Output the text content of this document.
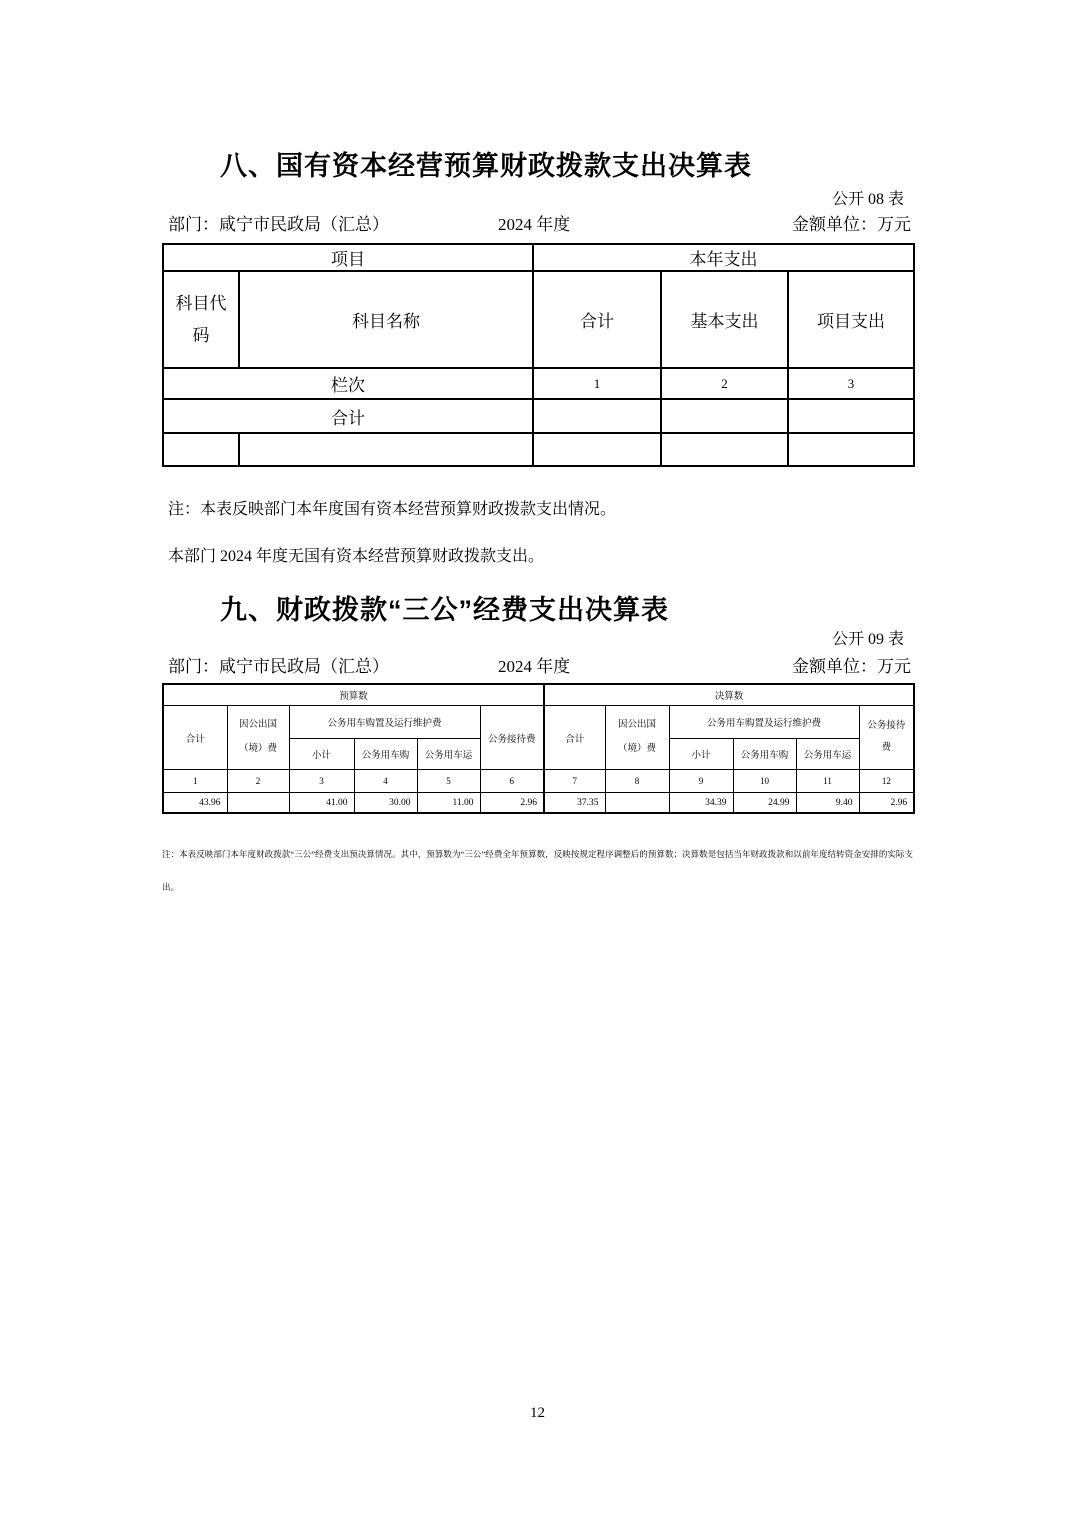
八、国有资本经营预算财政拨款支出决算表
公开 08 表
部门：咸宁市民政局（汇总）	2024 年度	金额单位：万元
项目		本年支出		
科目代码	科目名称	合计	基本支出	项目支出
栏次		1	2	3
合计				

注：本表反映部门本年度国有资本经营预算财政拨款支出情况。
本部门 2024 年度无国有资本经营预算财政拨款支出。
九、财政拨款“三公”经费支出决算表
公开 09 表
部门：咸宁市民政局（汇总）	2024 年度	金额单位：万元
预算数						决算数					
合计	因公出国（境）费	公务用车购置及运行维护费			公务接待费	合计	因公出国（境）费	公务用车购置及运行维护费			公务接待费
		小计	公务用车购	公务用车运				小计	公务用车购	公务用车运	
1	2	3	4	5	6	7	8	9	10	11	12
43.96		41.00	30.00	11.00	2.96	37.35		34.39	24.99	9.40	2.96
注：本表反映部门本年度财政拨款“三公”经费支出预决算情况。其中，预算数为“三公”经费全年预算数，反映按规定程序调整后的预算数；决算数是包括当年财政拨款和以前年度结转资金安排的实际支出。
12
